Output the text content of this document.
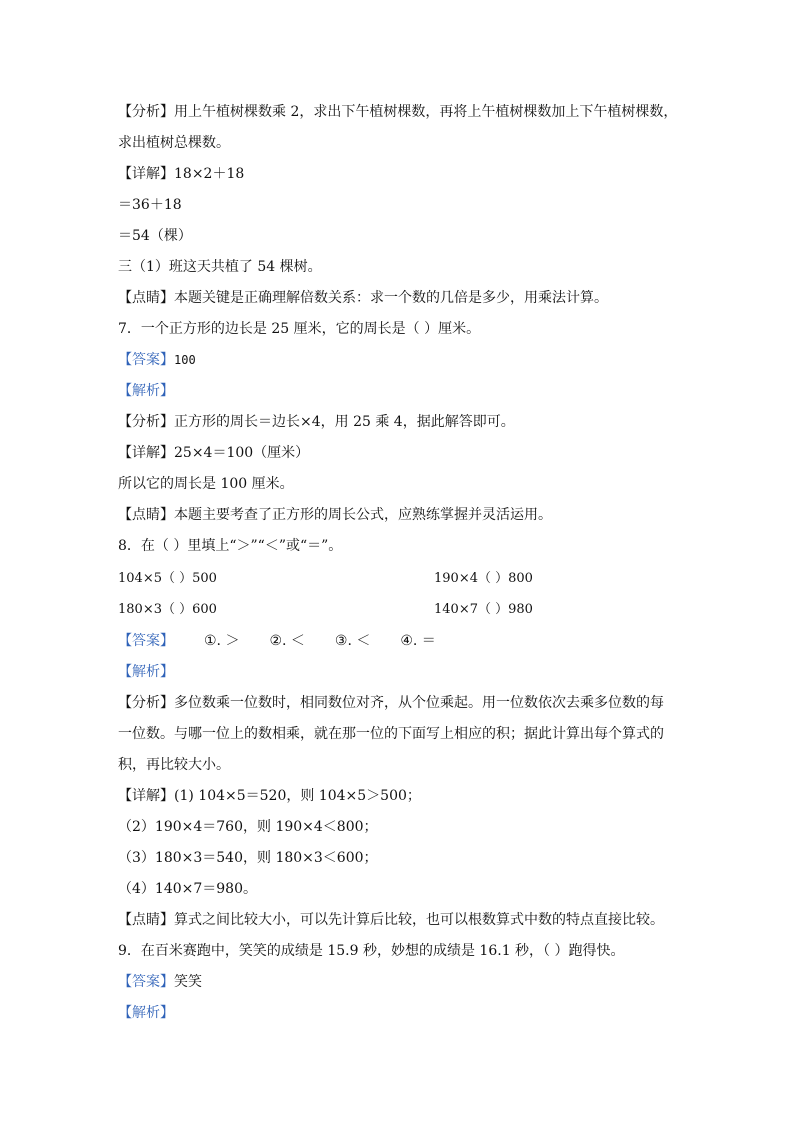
【分析】用上午植树棵数乘 2，求出下午植树棵数，再将上午植树棵数加上下午植树棵数，
求出植树总棵数。
【详解】18×2＋18
＝36＋18
＝54（棵）
三（1）班这天共植了 54 棵树。
【点睛】本题关键是正确理解倍数关系：求一个数的几倍是多少，用乘法计算。
7．一个正方形的边长是 25 厘米，它的周长是（ ）厘米。
【答案】100
【解析】
【分析】正方形的周长＝边长×4，用 25 乘 4，据此解答即可。
【详解】25×4＝100（厘米）
所以它的周长是 100 厘米。
【点睛】本题主要考查了正方形的周长公式，应熟练掌握并灵活运用。
8．在（ ）里填上“＞”“＜”或“＝”。
104×5（ ）500	190×4（ ）800
180×3（ ）600	140×7（ ）980
【答案】 ①. ＞ ②. ＜ ③. ＜ ④. ＝
【解析】
【分析】多位数乘一位数时，相同数位对齐，从个位乘起。用一位数依次去乘多位数的每
一位数。与哪一位上的数相乘，就在那一位的下面写上相应的积；据此计算出每个算式的
积，再比较大小。
【详解】(1) 104×5＝520，则 104×5＞500；
（2）190×4＝760，则 190×4＜800；
（3）180×3＝540，则 180×3＜600；
（4）140×7＝980。
【点睛】算式之间比较大小，可以先计算后比较，也可以根数算式中数的特点直接比较。
9．在百米赛跑中，笑笑的成绩是 15.9 秒，妙想的成绩是 16.1 秒，（ ）跑得快。
【答案】笑笑
【解析】
